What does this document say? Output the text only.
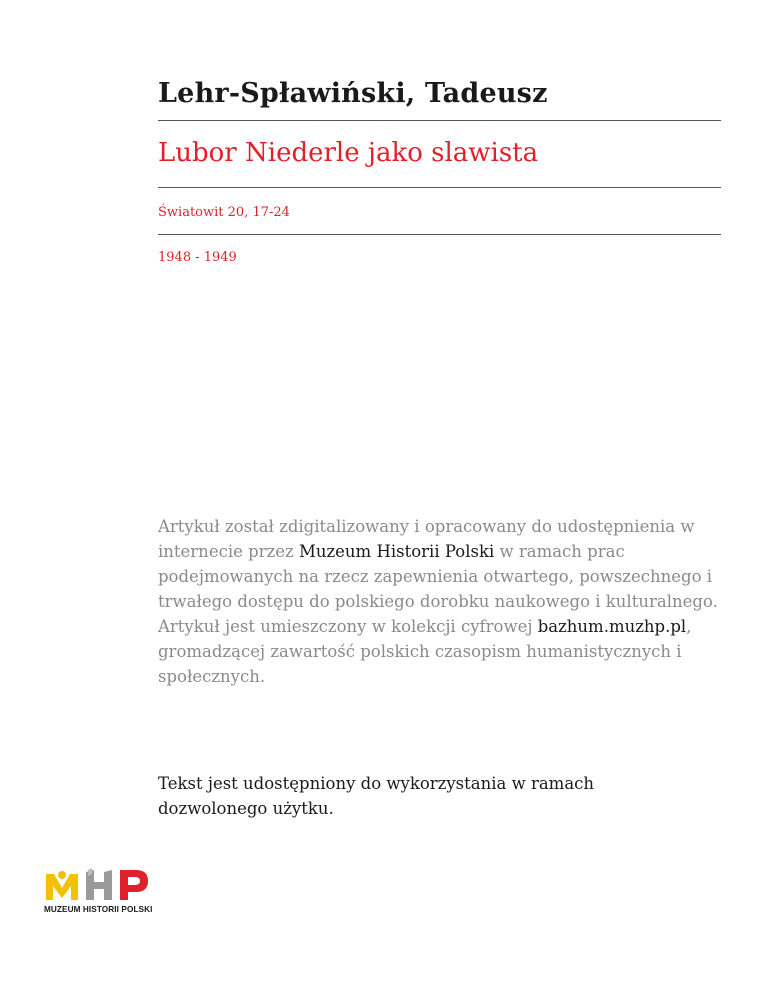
Lehr-Spławiński, Tadeusz
Lubor Niederle jako slawista
Światowit 20, 17-24
1948 - 1949
Artykuł został zdigitalizowany i opracowany do udostępnienia w internecie przez Muzeum Historii Polski w ramach prac podejmowanych na rzecz zapewnienia otwartego, powszechnego i trwałego dostępu do polskiego dorobku naukowego i kulturalnego. Artykuł jest umieszczony w kolekcji cyfrowej bazhum.muzhp.pl, gromadzącej zawartość polskich czasopism humanistycznych i społecznych.
Tekst jest udostępniony do wykorzystania w ramach dozwolonego użytku.
MUZEUM HISTORII POLSKI
